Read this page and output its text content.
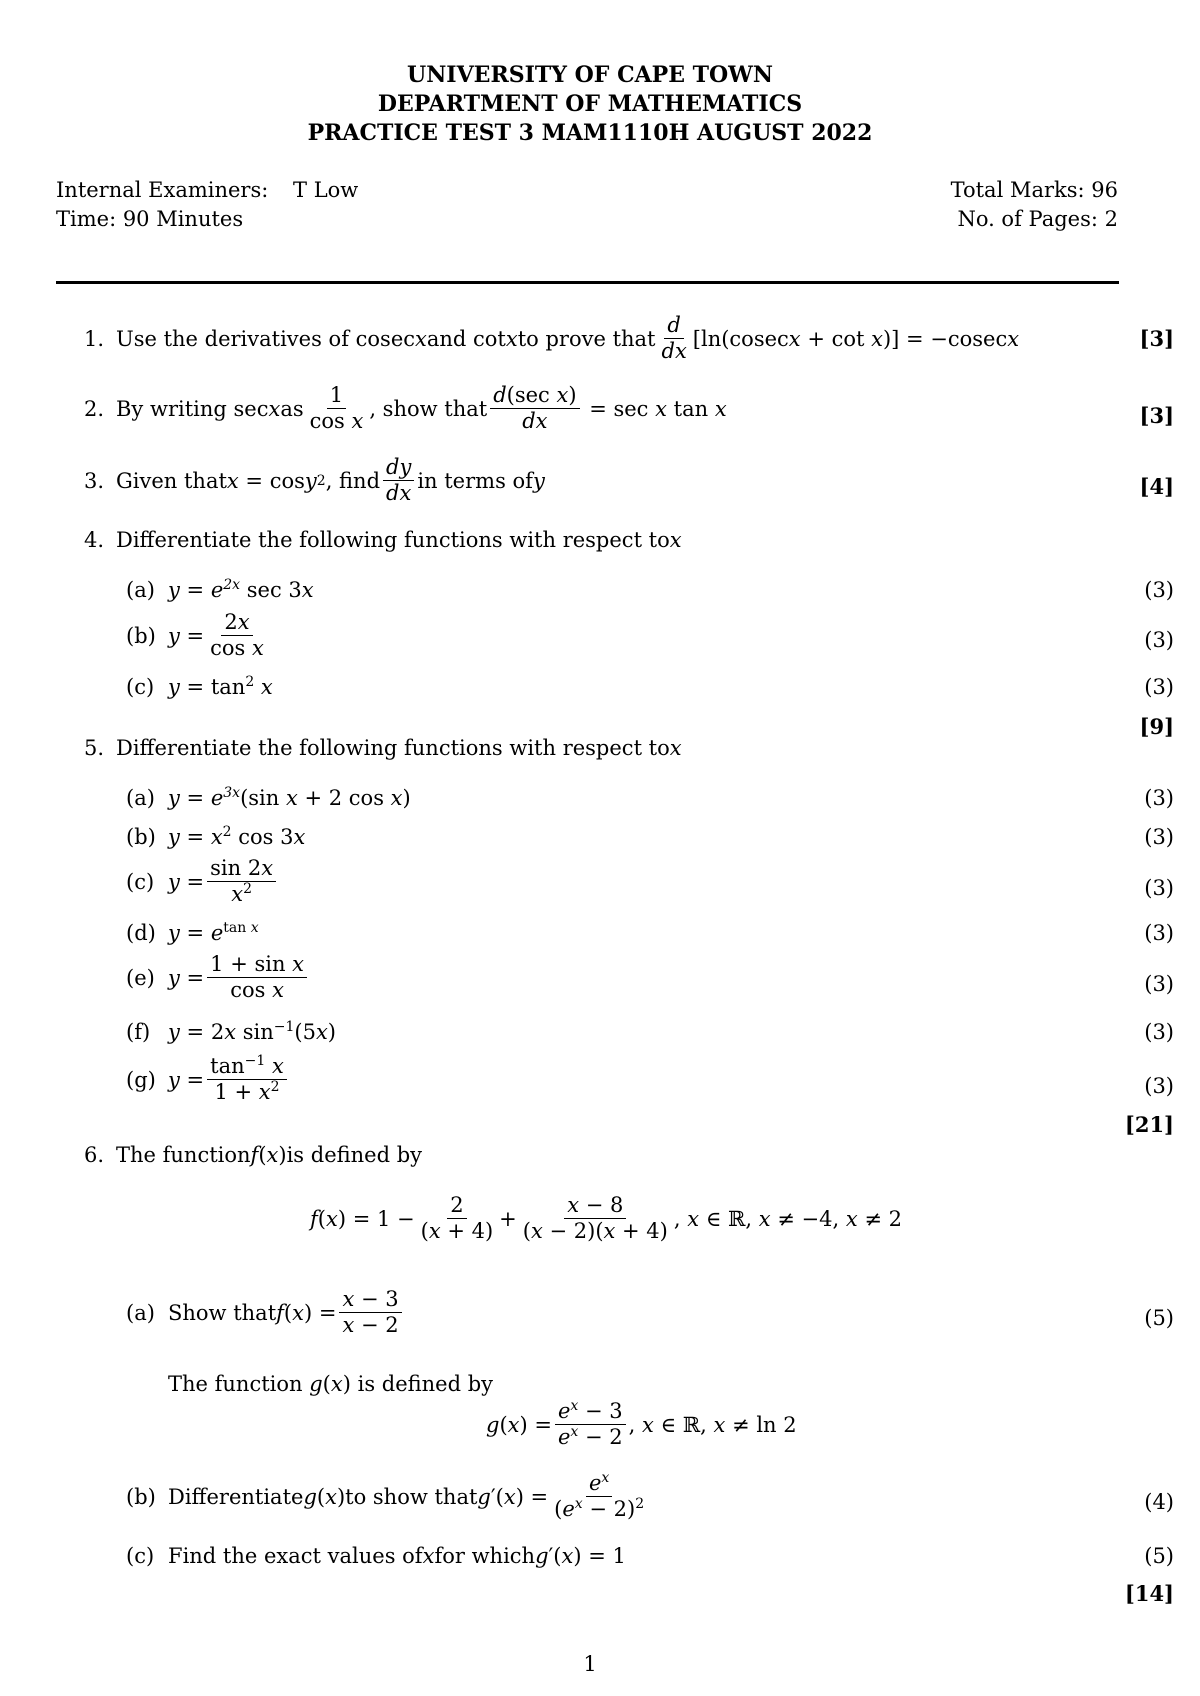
UNIVERSITY OF CAPE TOWN
DEPARTMENT OF MATHEMATICS
PRACTICE TEST 3 MAM1110H AUGUST 2022
Internal Examiners: T Low
Time: 90 Minutes
Total Marks: 96
No. of Pages: 2
1. Use the derivatives of cosec x and cot x to prove that $\frac{d}{dx} [\ln(cosecx + \cot x)] = -cosecx$	[3]
2. By writing sec x as $\frac{1}{\text{cos x}}$ , show that $\frac{\text{d(sec x)}}{dx} = \sec x$ tan x	[3]
3. Given that x = cos y 2 , find $\frac{dy}{dx}$ in terms of y	[4]
4. Differentiate the following functions with respect to x
(a) $y = e^{2x}$ sec 3x	(3)
(b) $y = \frac{2x}{\text{cos x}}$	(3)
(c) $y = \tan^2 x$	(3)
[9]
5. Differentiate the following functions with respect to x
(a) $y = e^{3x}(\sin$ x + 2 cos x)	(3)
(b) $y = x^2$ cos 3x	(3)
(c) $y = \frac{\sin 2x}{x^2}$	(3)
(d) $y = e^{tan x}$	(3)
(e) $y = \frac{\text{1 + sin x}}{\text{cos x}}$	(3)
(f) y = 2x $\sin^{-1}(5x)$	(3)
(g) $y = \frac{\tan^{-1} x}{1 + x^2}$	(3)
[21]
6. The function f ( x ) is defined by
f ( x ) = $1 - \frac{2}{(x + 4)} + \frac{x - 8}{(x - 2)(x + 4)}$ , x ∈ ℝ, x ≠ −4, x ≠ 2
(a) Show that f ( x ) = $\frac{x - 3}{x - 2}$	(5)
The function g(x) is defined by
g ( x ) = $\frac{e^x - 3}{e^x - 2}$ , x ∈ ℝ, x ≠ ln 2
(b) Differentiate g ( x ) to show that g ′( x ) = $\frac{e^x}{(e^x - 2)^2}$	(4)
(c) Find the exact values of x for which g ′( x ) = 1	(5)
[14]
1
